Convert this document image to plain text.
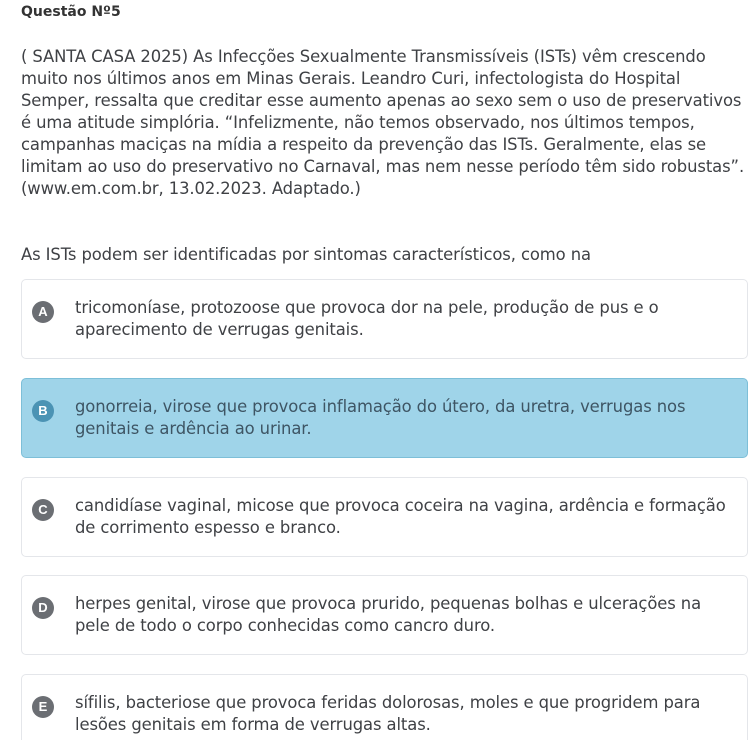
Questão Nº5

( SANTA CASA 2025) As Infecções Sexualmente Transmissíveis (ISTs) vêm crescendo muito nos últimos anos em Minas Gerais. Leandro Curi, infectologista do Hospital Semper, ressalta que creditar esse aumento apenas ao sexo sem o uso de preservativos é uma atitude simplória. “Infelizmente, não temos observado, nos últimos tempos, campanhas maciças na mídia a respeito da prevenção das ISTs. Geralmente, elas se limitam ao uso do preservativo no Carnaval, mas nem nesse período têm sido robustas”.

(www.em.com.br, 13.02.2023. Adaptado.)

As ISTs podem ser identificadas por sintomas característicos, como na
A	tricomoníase, protozoose que provoca dor na pele, produção de pus e o aparecimento de verrugas genitais.
B	gonorreia, virose que provoca inflamação do útero, da uretra, verrugas nos genitais e ardência ao urinar.
C	candidíase vaginal, micose que provoca coceira na vagina, ardência e formação de corrimento espesso e branco.
D	herpes genital, virose que provoca prurido, pequenas bolhas e ulcerações na pele de todo o corpo conhecidas como cancro duro.
E	sífilis, bacteriose que provoca feridas dolorosas, moles e que progridem para lesões genitais em forma de verrugas altas.
